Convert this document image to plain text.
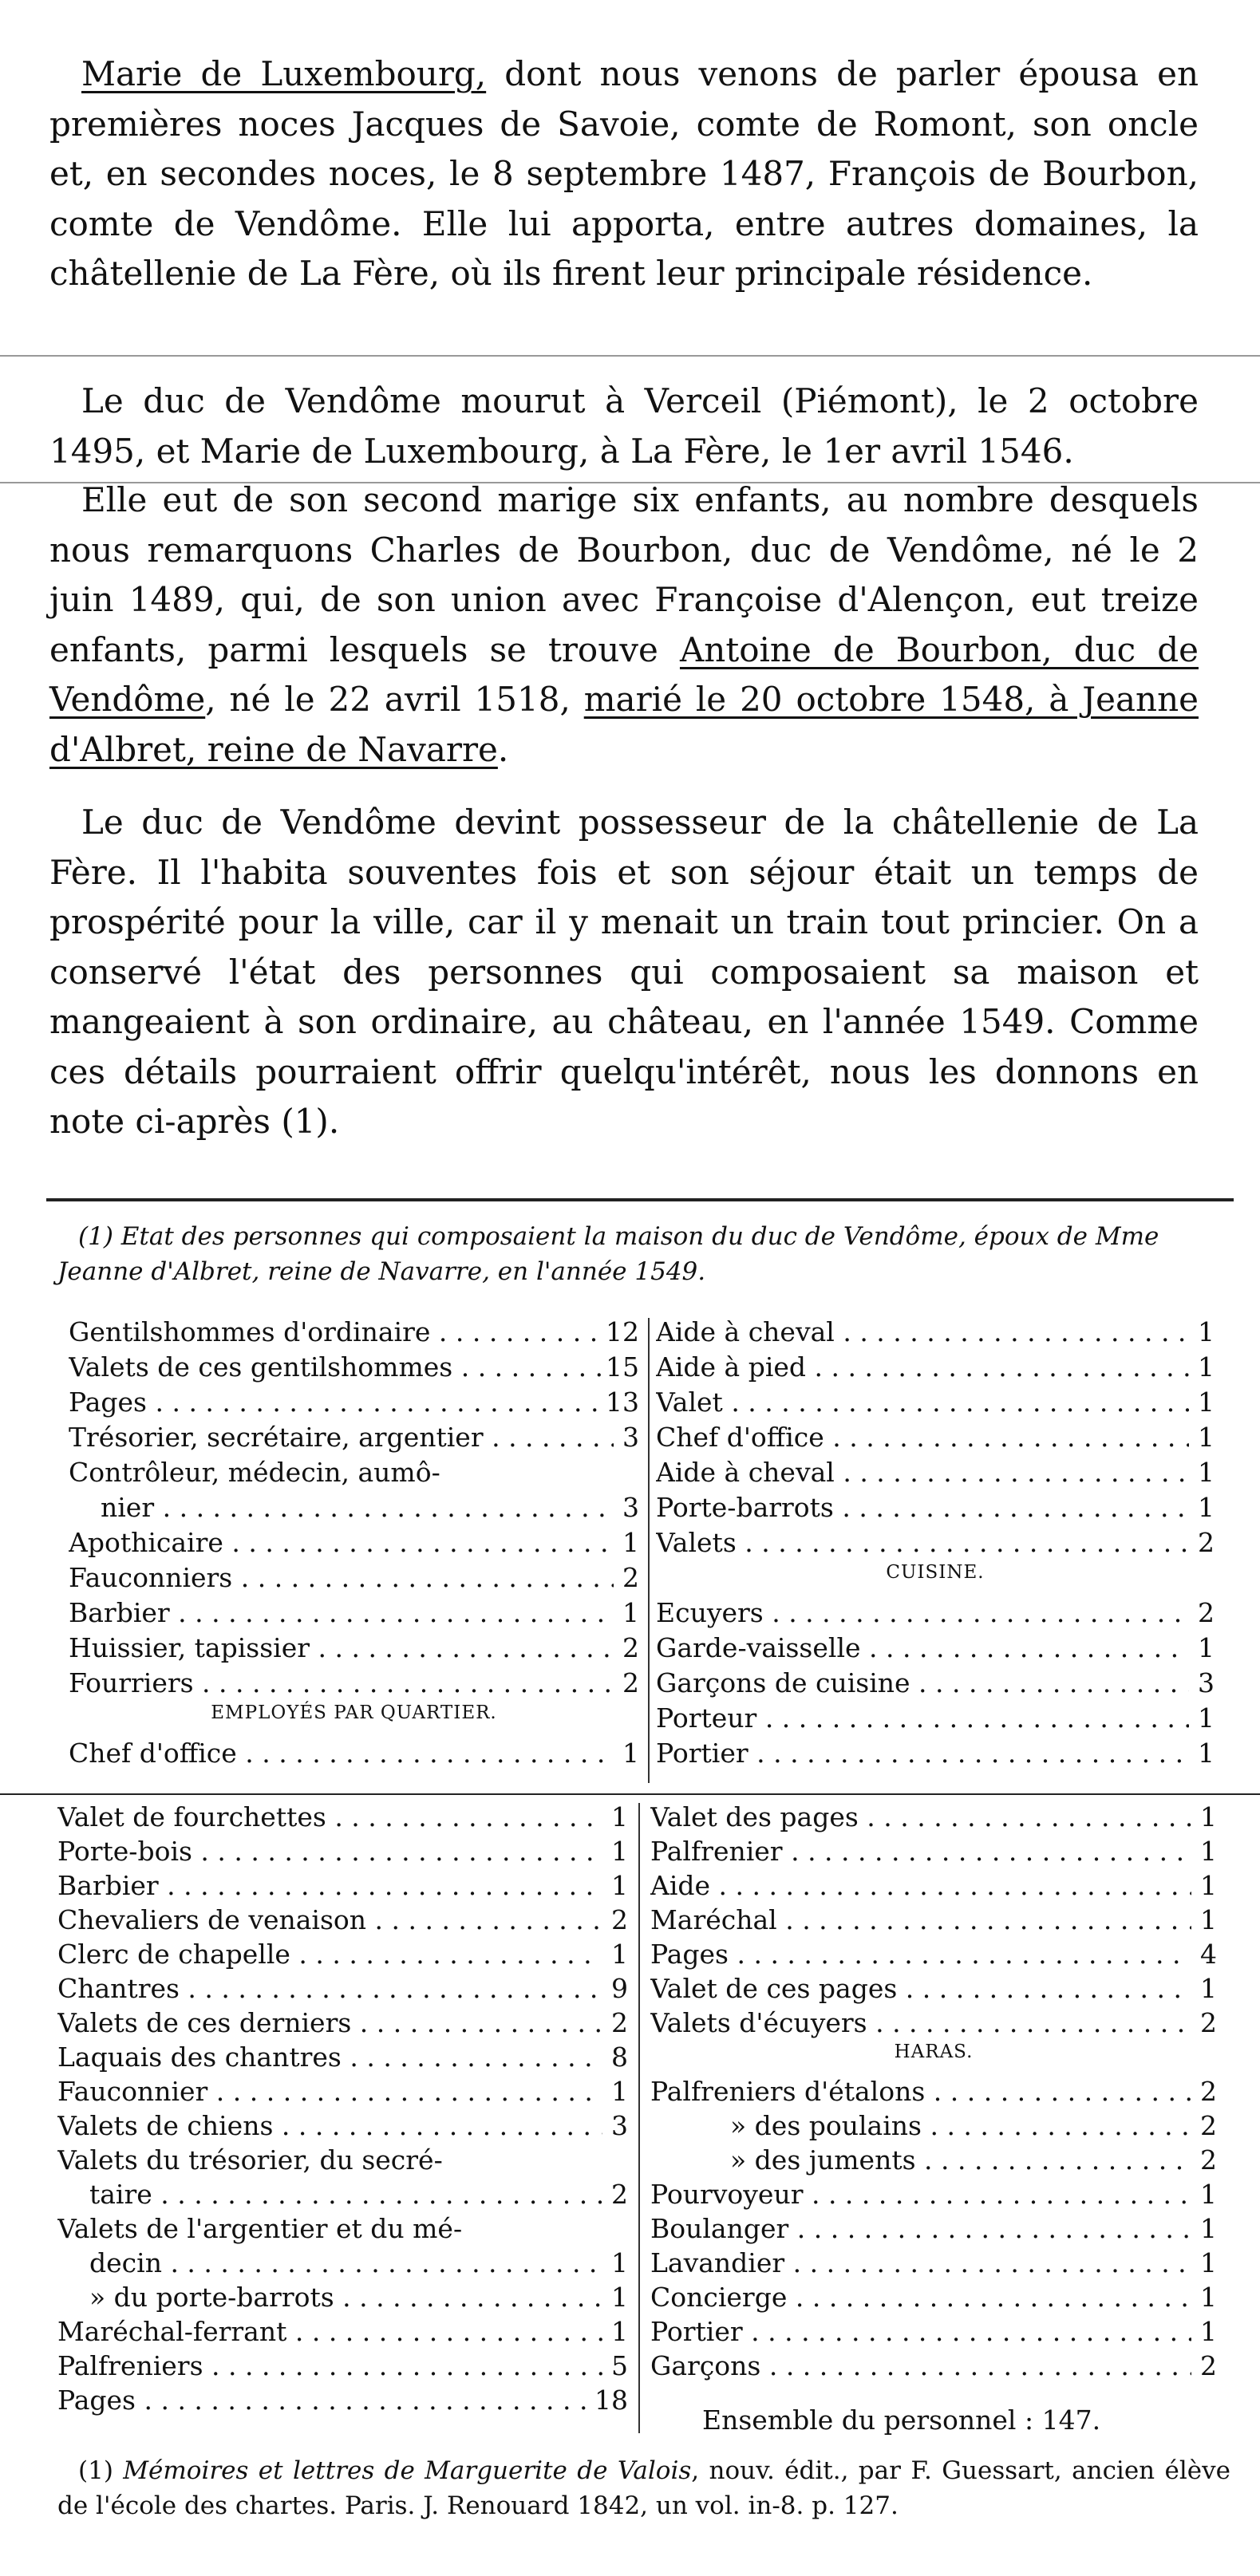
Marie de Luxembourg, dont nous venons de parler épousa en premières noces Jacques de Savoie, comte de Romont, son oncle et, en secondes noces, le 8 septembre 1487, François de Bourbon, comte de Vendôme. Elle lui apporta, entre autres domaines, la châtellenie de La Fère, où ils firent leur principale résidence.

Le duc de Vendôme mourut à Verceil (Piémont), le 2 octobre 1495, et Marie de Luxembourg, à La Fère, le 1er avril 1546.

Elle eut de son second marige six enfants, au nombre desquels nous remarquons Charles de Bourbon, duc de Vendôme, né le 2 juin 1489, qui, de son union avec Françoise d'Alençon, eut treize enfants, parmi lesquels se trouve Antoine de Bourbon, duc de Vendôme, né le 22 avril 1518, marié le 20 octobre 1548, à Jeanne d'Albret, reine de Navarre.

Le duc de Vendôme devint possesseur de la châtellenie de La Fère. Il l'habita souventes fois et son séjour était un temps de prospérité pour la ville, car il y menait un train tout princier. On a conservé l'état des personnes qui composaient sa maison et mangeaient à son ordinaire, au château, en l'année 1549. Comme ces détails pourraient offrir quelqu'intérêt, nous les donnons en note ci-après (1).

(1) Etat des personnes qui composaient la maison du duc de Vendôme, époux de Mme Jeanne d'Albret, reine de Navarre, en l'année 1549.

Gentilshommes d'ordinaire . . .	12
Valets de ces gentilshommes . . .	15
Pages . . .	13
Trésorier, secrétaire, argentier . . .	3
Contrôleur, médecin, aumô-
nier . . .	3
Apothicaire . . .	1
Fauconniers . . .	2
Barbier . . .	1
Huissier, tapissier . . .	2
Fourriers . . .	2
EMPLOYÉS PAR QUARTIER.
Chef d'office . . .	1
Aide à cheval . . .	1
Aide à pied . . .	1
Valet . . .	1
Chef d'office . . .	1
Aide à cheval . . .	1
Porte-barrots . . .	1
Valets . . .	2
CUISINE.
Ecuyers . . .	2
Garde-vaisselle . . .	1
Garçons de cuisine . . .	3
Porteur . . .	1
Portier . . .	1
Valet de fourchettes . . .	1
Porte-bois . . .	1
Barbier . . .	1
Chevaliers de venaison . . .	2
Clerc de chapelle . . .	1
Chantres . . .	9
Valets de ces derniers . . .	2
Laquais des chantres . . .	8
Fauconnier . . .	1
Valets de chiens . . .	3
Valets du trésorier, du secré-
taire . . .	2
Valets de l'argentier et du mé-
decin . . .	1
» du porte-barrots . . .	1
Maréchal-ferrant . . .	1
Palfreniers . . .	5
Pages . . .	18
Valet des pages . . .	1
Palfrenier . . .	1
Aide . . .	1
Maréchal . . .	1
Pages . . .	4
Valet de ces pages . . .	1
Valets d'écuyers . . .	2
HARAS.
Palfreniers d'étalons . . .	2
» des poulains . . .	2
» des juments . . .	2
Pourvoyeur . . .	1
Boulanger . . .	1
Lavandier . . .	1
Concierge . . .	1
Portier . . .	1
Garçons . . .	2
Ensemble du personnel : 147.

(1) Mémoires et lettres de Marguerite de Valois, nouv. édit., par F. Guessart, ancien élève de l'école des chartes. Paris. J. Renouard 1842, un vol. in-8. p. 127.
